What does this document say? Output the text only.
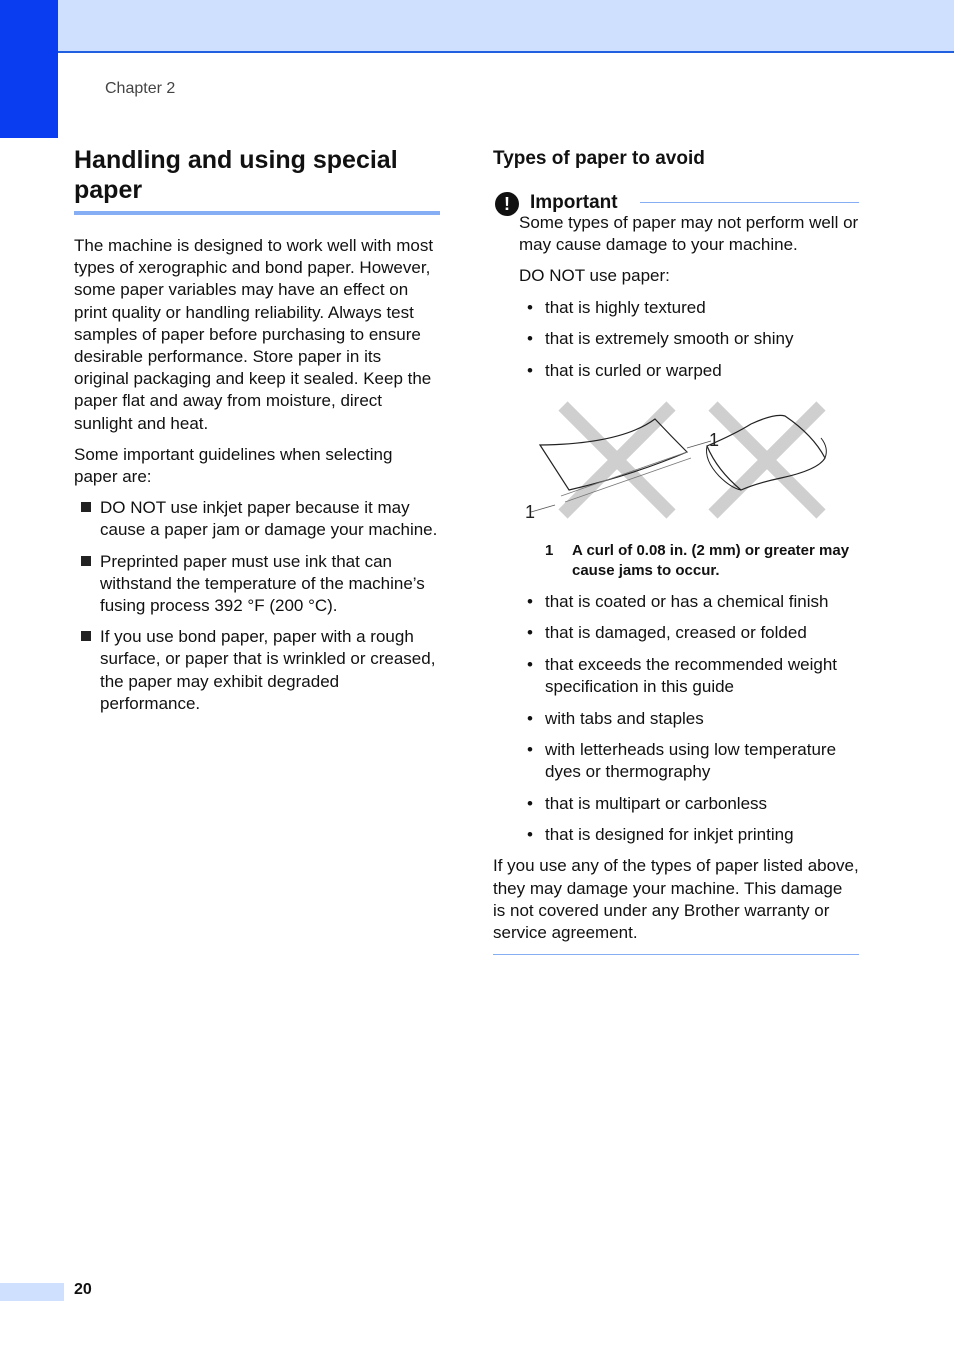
Chapter 2
Handling and using special paper

The machine is designed to work well with most types of xerographic and bond paper. However, some paper variables may have an effect on print quality or handling reliability. Always test samples of paper before purchasing to ensure desirable performance. Store paper in its original packaging and keep it sealed. Keep the paper flat and away from moisture, direct sunlight and heat.

Some important guidelines when selecting paper are:

DO NOT use inkjet paper because it may cause a paper jam or damage your machine.
Preprinted paper must use ink that can withstand the temperature of the machine’s fusing process 392 °F (200 °C).
If you use bond paper, paper with a rough surface, or paper that is wrinkled or creased, the paper may exhibit degraded performance.
Types of paper to avoid
!	Important

Some types of paper may not perform well or may cause damage to your machine.

DO NOT use paper:

• that is highly textured
• that is extremely smooth or shiny
• that is curled or warped
1
1
1 A curl of 0.08 in. (2 mm) or greater may cause jams to occur.
• that is coated or has a chemical finish
• that is damaged, creased or folded
• that exceeds the recommended weight specification in this guide
• with tabs and staples
• with letterheads using low temperature dyes or thermography
• that is multipart or carbonless
• that is designed for inkjet printing

If you use any of the types of paper listed above, they may damage your machine. This damage is not covered under any Brother warranty or service agreement.

20
